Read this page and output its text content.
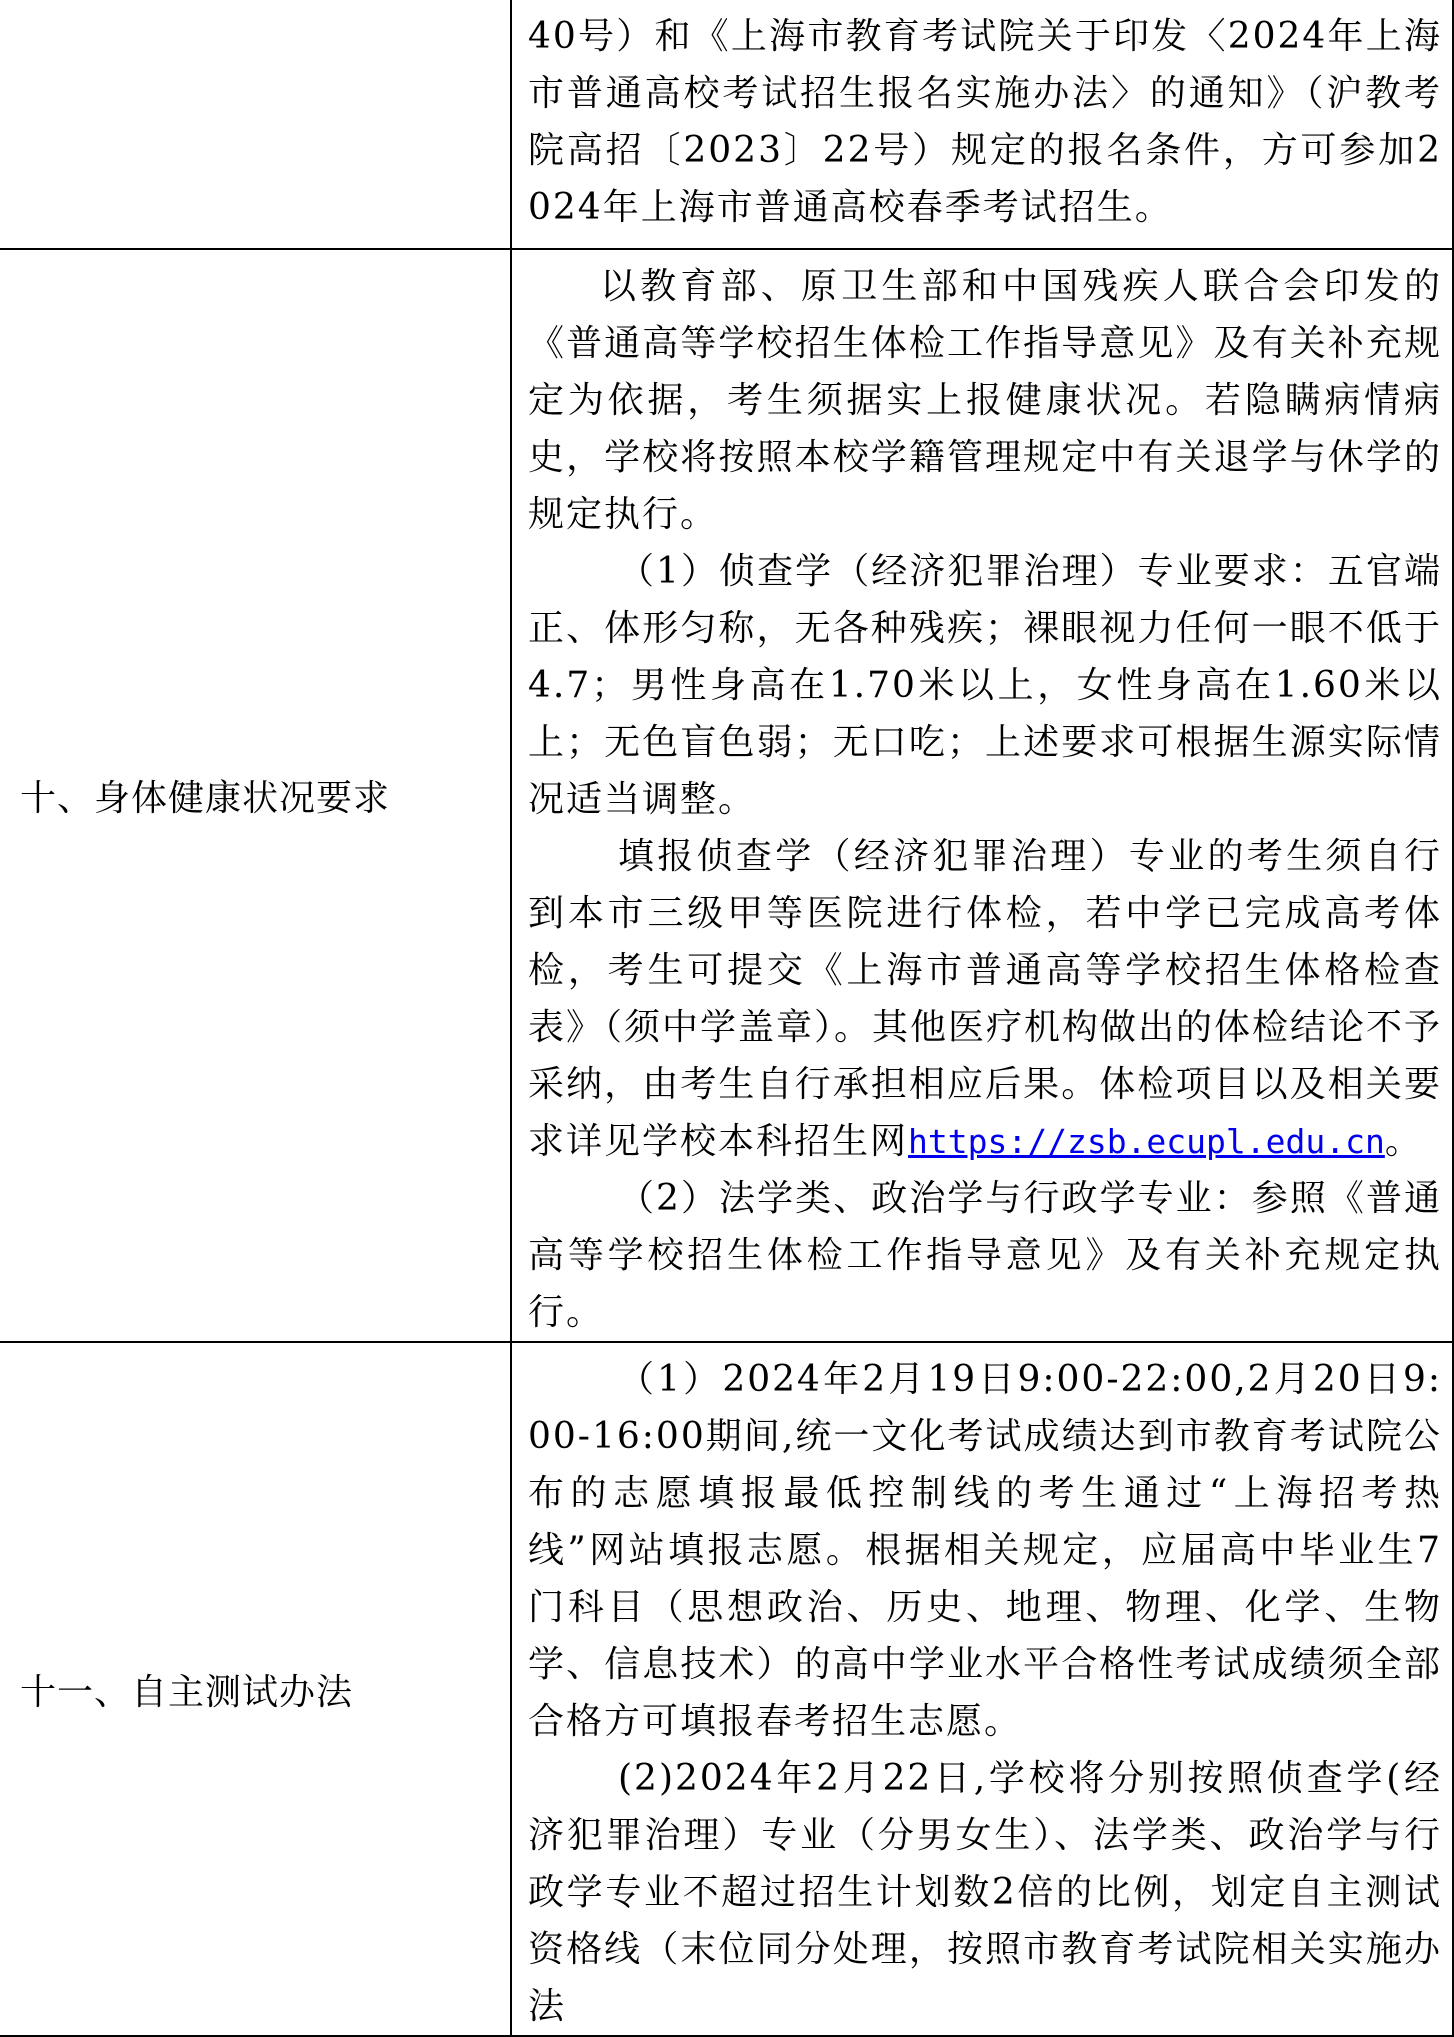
	40号）和《上海市教育考试院关于印发〈2024年上海市普通高校考试招生报名实施办法〉的通知》（沪教考院高招〔2023〕22号）规定的报名条件，方可参加2024年上海市普通高校春季考试招生。

十、身体健康状况要求	以教育部、原卫生部和中国残疾人联合会印发的《普通高等学校招生体检工作指导意见》及有关补充规定为依据，考生须据实上报健康状况。若隐瞒病情病史，学校将按照本校学籍管理规定中有关退学与休学的规定执行。

（1）侦查学（经济犯罪治理）专业要求：五官端正、体形匀称，无各种残疾；裸眼视力任何一眼不低于4.7；男性身高在1.70米以上，女性身高在1.60米以上；无色盲色弱；无口吃；上述要求可根据生源实际情况适当调整。

填报侦查学（经济犯罪治理）专业的考生须自行到本市三级甲等医院进行体检，若中学已完成高考体检，考生可提交《上海市普通高等学校招生体格检查表》（须中学盖章）。其他医疗机构做出的体检结论不予采纳，由考生自行承担相应后果。体检项目以及相关要求详见学校本科招生网https://zsb.ecupl.edu.cn。

（2）法学类、政治学与行政学专业：参照《普通高等学校招生体检工作指导意见》及有关补充规定执行。

十一、自主测试办法	（1）2024年2月19日9:00-22:00,2月20日9:00-16:00期间,统一文化考试成绩达到市教育考试院公布的志愿填报最低控制线的考生通过“上海招考热线”网站填报志愿。根据相关规定，应届高中毕业生7门科目（思想政治、历史、地理、物理、化学、生物学、信息技术）的高中学业水平合格性考试成绩须全部合格方可填报春考招生志愿。

(2)2024年2月22日,学校将分别按照侦查学(经济犯罪治理）专业（分男女生）、法学类、政治学与行政学专业不超过招生计划数2倍的比例，划定自主测试资格线（末位同分处理，按照市教育考试院相关实施办法
